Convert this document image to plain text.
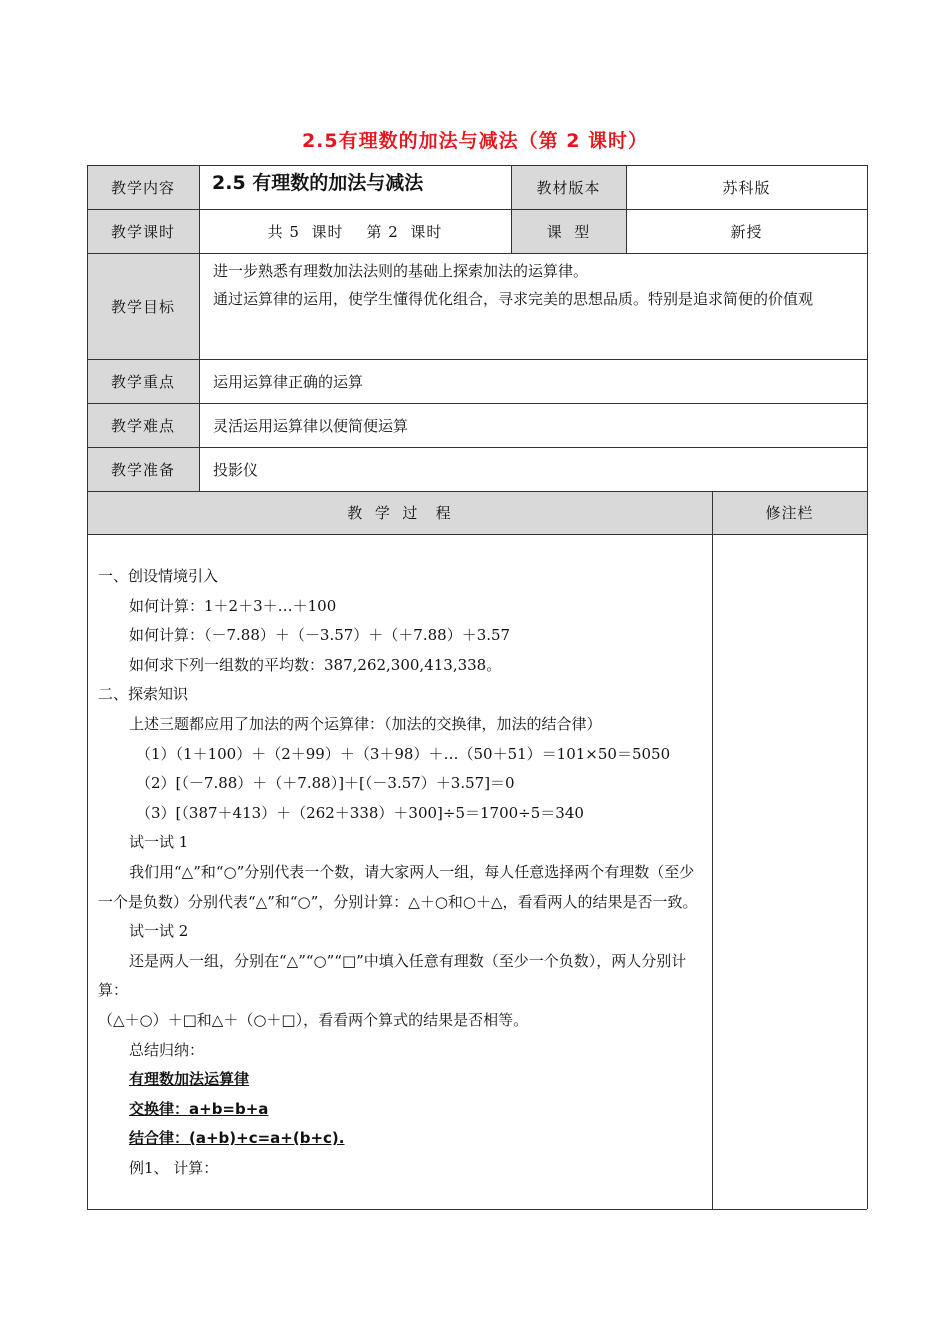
2.5有理数的加法与减法（第 2 课时）
教学内容	2.5 有理数的加法与减法	教材版本	苏科版
教学课时	共 5  课时    第 2  课时	课  型	新授
教学目标
进一步熟悉有理数加法法则的基础上探索加法的运算律。
通过运算律的运用，使学生懂得优化组合，寻求完美的思想品质。特别是追求简便的价值观
教学重点	运用运算律正确的运算
教学难点	灵活运用运算律以便简便运算
教学准备	投影仪
教  学  过   程	修注栏
一、创设情境引入
如何计算：1＋2＋3＋…＋100
如何计算：（－7.88）＋（－3.57）＋（＋7.88）＋3.57
如何求下列一组数的平均数：387,262,300,413,338。
二、探索知识
上述三题都应用了加法的两个运算律：（加法的交换律，加法的结合律）
（1）（1＋100）＋（2＋99）＋（3＋98）＋…（50＋51）＝101×50＝5050
（2）[（－7.88）＋（＋7.88）]＋[（－3.57）＋3.57]＝0
（3）[（387＋413）＋（262＋338）＋300]÷5＝1700÷5＝340
试一试 1
我们用“△”和“○”分别代表一个数，请大家两人一组，每人任意选择两个有理数（至少一个是负数）分别代表“△”和“○”，分别计算：△＋○和○＋△，看看两人的结果是否一致。
试一试 2
还是两人一组，分别在“△”“○”“□”中填入任意有理数（至少一个负数），两人分别计算：
（△＋○）＋□和△＋（○＋□），看看两个算式的结果是否相等。
总结归纳：
有理数加法运算律
交换律：a+b=b+a
结合律：(a+b)+c=a+(b+c).
例1、 计算：
